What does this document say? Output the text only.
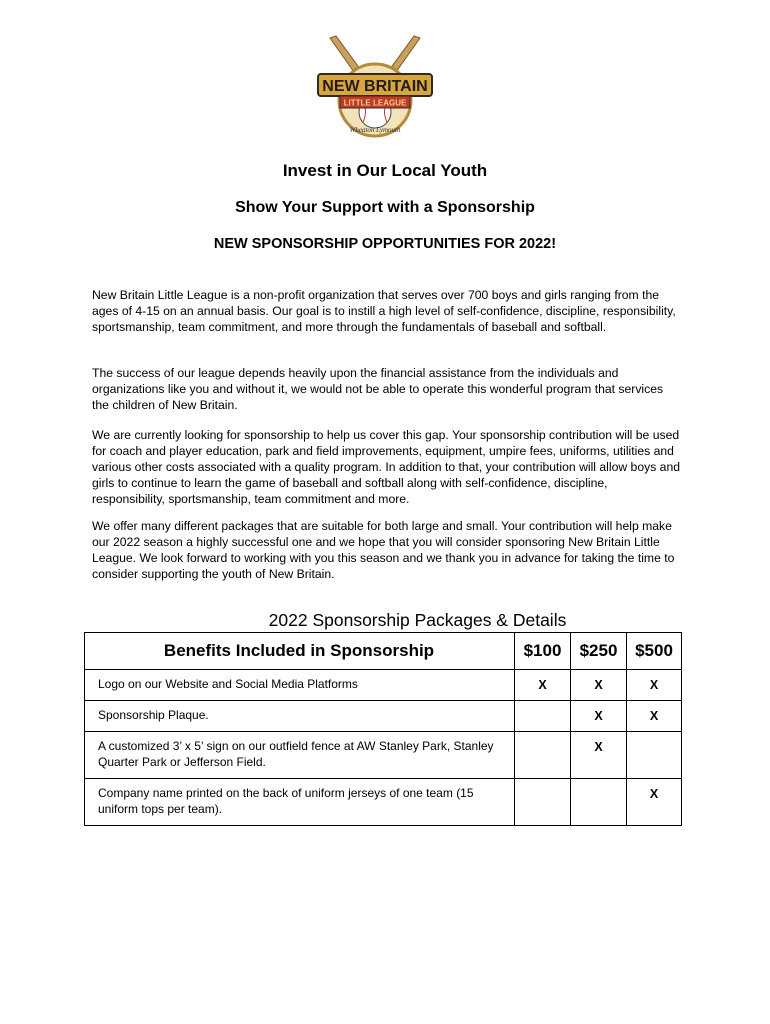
NEW BRITAIN
LITTLE LEAGUE
Wheaton Lymouth

Invest in Our Local Youth

Show Your Support with a Sponsorship

NEW SPONSORSHIP OPPORTUNITIES FOR 2022!

New Britain Little League is a non-profit organization that serves over 700 boys and girls ranging from the ages of 4-15 on an annual basis. Our goal is to instill a high level of self-confidence, discipline, responsibility, sportsmanship, team commitment, and more through the fundamentals of baseball and softball.

The success of our league depends heavily upon the financial assistance from the individuals and organizations like you and without it, we would not be able to operate this wonderful program that services the children of New Britain.

We are currently looking for sponsorship to help us cover this gap. Your sponsorship contribution will be used for coach and player education, park and field improvements, equipment, umpire fees, uniforms, utilities and various other costs associated with a quality program. In addition to that, your contribution will allow boys and girls to continue to learn the game of baseball and softball along with self-confidence, discipline, responsibility, sportsmanship, team commitment and more.

We offer many different packages that are suitable for both large and small. Your contribution will help make our 2022 season a highly successful one and we hope that you will consider sponsoring New Britain Little League. We look forward to working with you this season and we thank you in advance for taking the time to consider supporting the youth of New Britain.

2022 Sponsorship Packages & Details

Benefits Included in Sponsorship	$100	$250	$500
Logo on our Website and Social Media Platforms	X	X	X
Sponsorship Plaque.		X	X
A customized 3’ x 5’ sign on our outfield fence at AW Stanley Park, Stanley Quarter Park or Jefferson Field.		X	
Company name printed on the back of uniform jerseys of one team (15 uniform tops per team).			X
